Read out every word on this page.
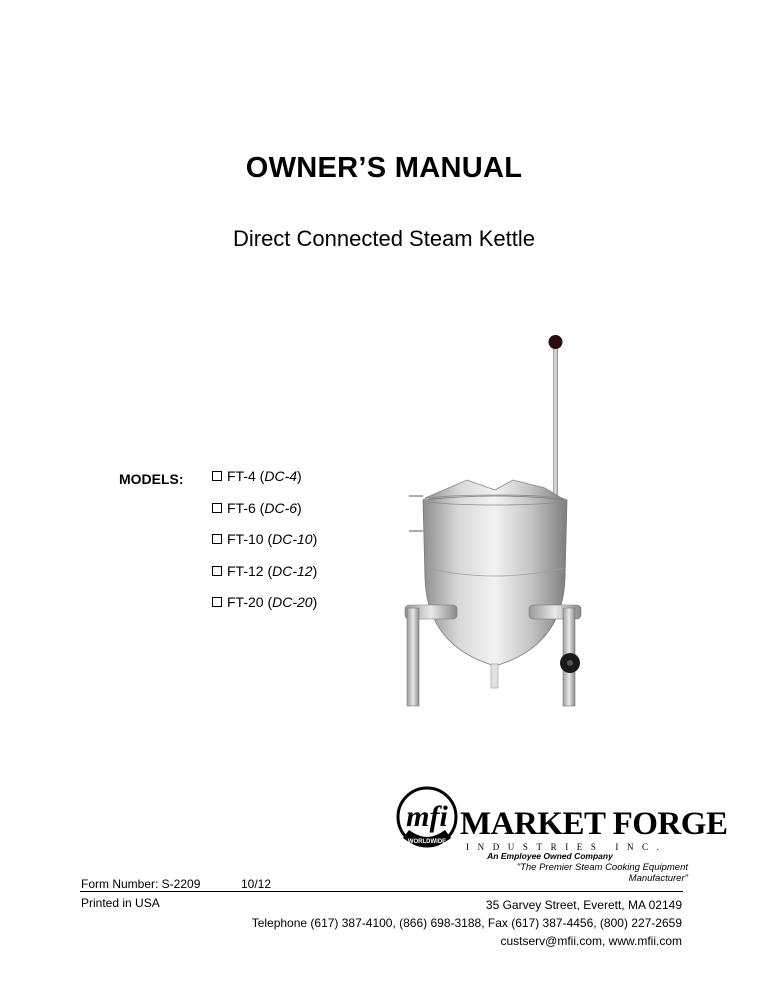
OWNER’S MANUAL
Direct Connected Steam Kettle
MODELS:	FT-4 ( DC-4 )
FT-6 ( DC-6 )
FT-10 ( DC-10 )
FT-12 ( DC-12 )
FT-20 ( DC-20 )
mfi
WORLDWIDE MARKET FORGE
INDUSTRIES INC.
An Employee Owned Company
"The Premier Steam Cooking Equipment Manufacturer"
Form Number: S-2209	10/12
Printed in USA	35 Garvey Street, Everett, MA 02149
Telephone (617) 387-4100, (866) 698-3188, Fax (617) 387-4456, (800) 227-2659
custserv@mfii.com, www.mfii.com
